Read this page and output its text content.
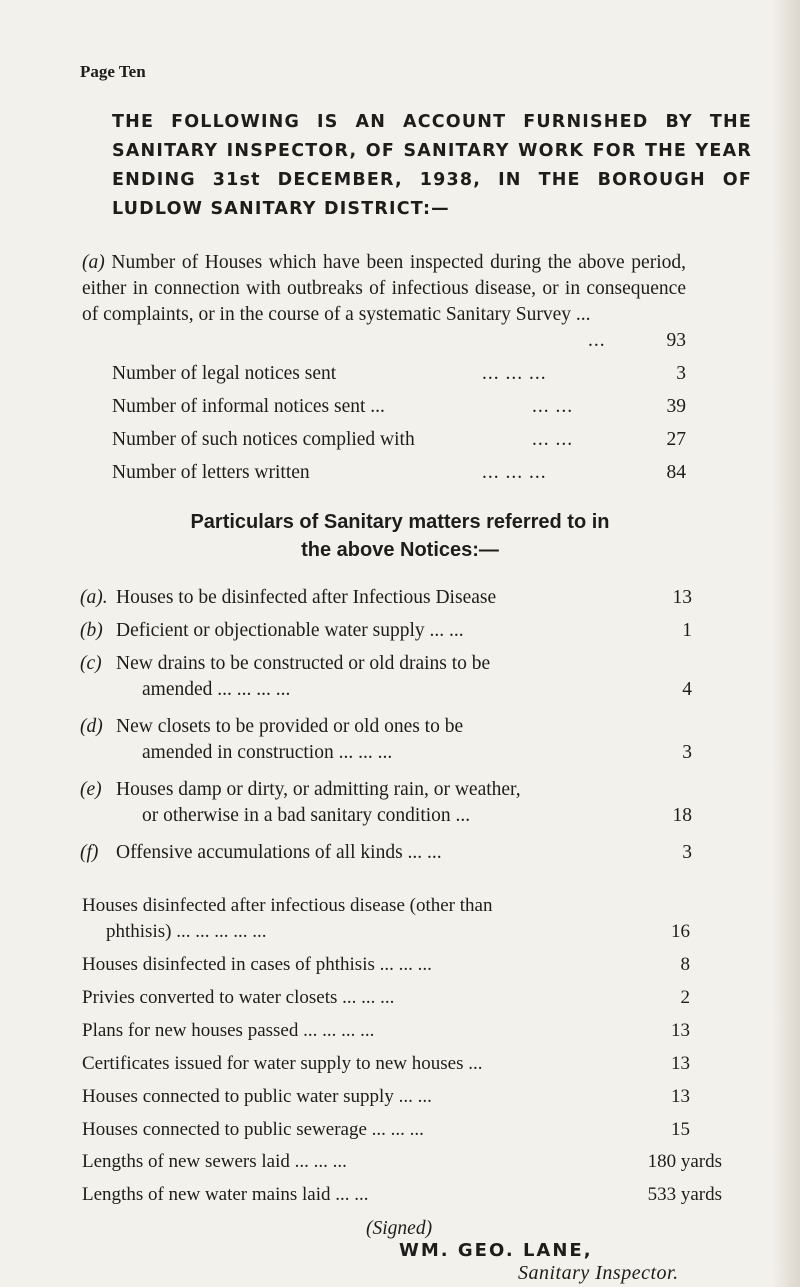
Page Ten
THE FOLLOWING IS AN ACCOUNT FURNISHED BY THE SANITARY INSPECTOR, OF SANITARY WORK FOR THE YEAR ENDING 31st DECEMBER, 1938, IN THE BOROUGH OF LUDLOW SANITARY DISTRICT:—
(a) Number of Houses which have been inspected during the above period, either in connection with outbreaks of infectious disease, or in consequence of complaints, or in the course of a systematic Sanitary Survey ...
...	93
Number of legal notices sent	... ... ...	3
Number of informal notices sent ...	... ...	39
Number of such notices complied with	... ...	27
Number of letters written	... ... ...	84
Particulars of Sanitary matters referred to in
the above Notices:—
(a). Houses to be disinfected after Infectious Disease	13
(b) Deficient or objectionable water supply ... ...	1
(c) New drains to be constructed or old drains to be
amended ... ... ... ...	4
(d) New closets to be provided or old ones to be
amended in construction ... ... ...	3
(e) Houses damp or dirty, or admitting rain, or weather,
or otherwise in a bad sanitary condition ...	18
(f) Offensive accumulations of all kinds ... ...	3
Houses disinfected after infectious disease (other than
phthisis) ... ... ... ... ...	16
Houses disinfected in cases of phthisis ... ... ...	8
Privies converted to water closets ... ... ...	2
Plans for new houses passed ... ... ... ...	13
Certificates issued for water supply to new houses ...	13
Houses connected to public water supply ... ...	13
Houses connected to public sewerage ... ... ...	15
Lengths of new sewers laid ... ... ...	180 yards
Lengths of new water mains laid ... ...	533 yards
(Signed)
WM. GEO. LANE,
Sanitary Inspector.
